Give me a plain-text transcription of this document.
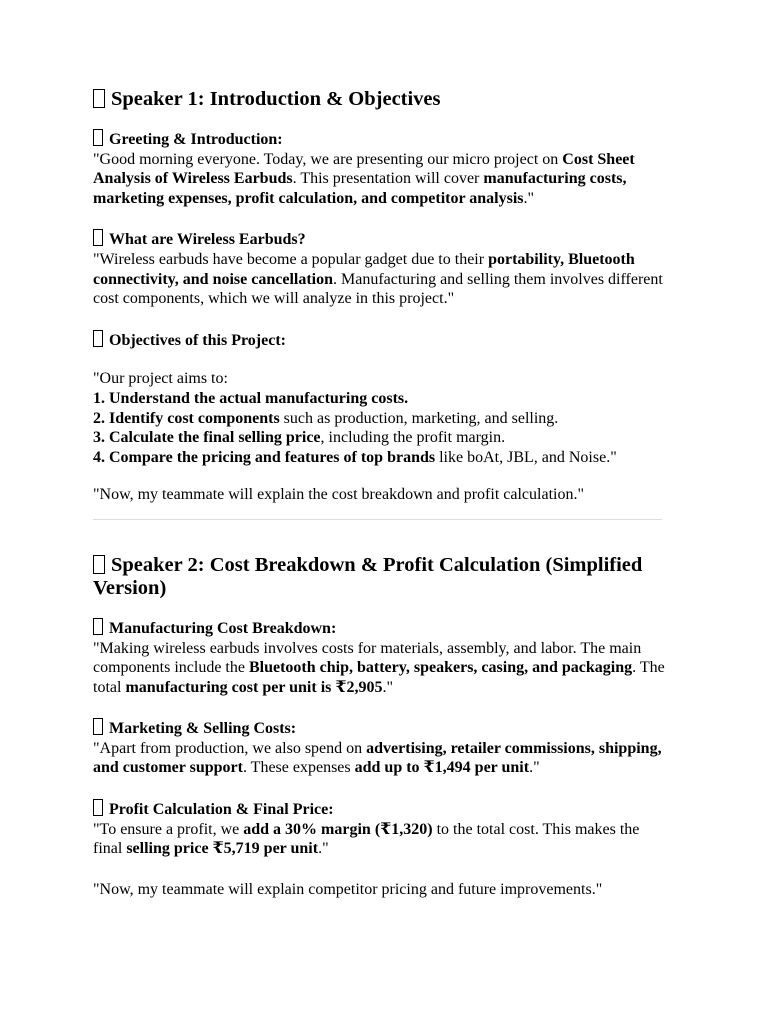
Speaker 1: Introduction & Objectives
Greeting & Introduction:
"Good morning everyone. Today, we are presenting our micro project on Cost Sheet Analysis of Wireless Earbuds. This presentation will cover manufacturing costs, marketing expenses, profit calculation, and competitor analysis."
What are Wireless Earbuds?
"Wireless earbuds have become a popular gadget due to their portability, Bluetooth connectivity, and noise cancellation. Manufacturing and selling them involves different cost components, which we will analyze in this project."
Objectives of this Project:
"Our project aims to:
1. Understand the actual manufacturing costs.
2. Identify cost components such as production, marketing, and selling.
3. Calculate the final selling price, including the profit margin.
4. Compare the pricing and features of top brands like boAt, JBL, and Noise."
"Now, my teammate will explain the cost breakdown and profit calculation."
Speaker 2: Cost Breakdown & Profit Calculation (Simplified Version)
Manufacturing Cost Breakdown:
"Making wireless earbuds involves costs for materials, assembly, and labor. The main components include the Bluetooth chip, battery, speakers, casing, and packaging. The total manufacturing cost per unit is ₹2,905."
Marketing & Selling Costs:
"Apart from production, we also spend on advertising, retailer commissions, shipping, and customer support. These expenses add up to ₹1,494 per unit."
Profit Calculation & Final Price:
"To ensure a profit, we add a 30% margin (₹1,320) to the total cost. This makes the final selling price ₹5,719 per unit."
"Now, my teammate will explain competitor pricing and future improvements."
